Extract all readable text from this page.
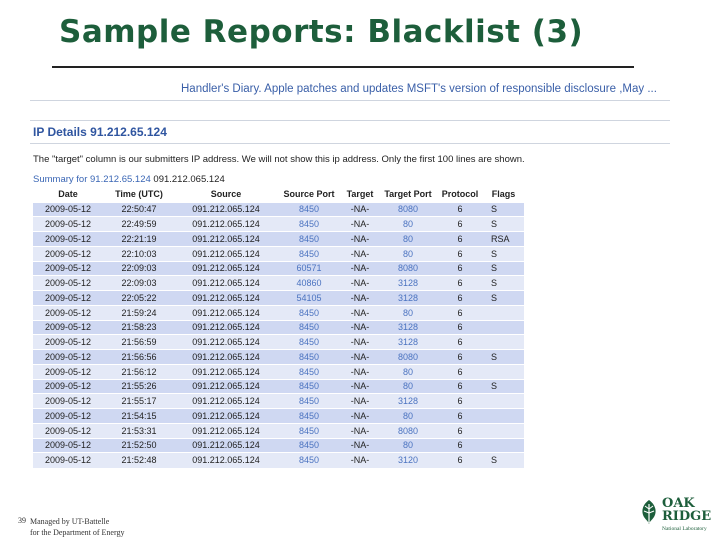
Sample Reports: Blacklist (3)
Handler's Diary. Apple patches and updates MSFT's version of responsible disclosure ,May ...
IP Details 91.212.65.124
The "target" column is our submitters IP address. We will not show this ip address. Only the first 100 lines are shown.
Summary for 91.212.65.124 091.212.065.124
Date	Time (UTC)	Source	Source Port	Target	Target Port	Protocol	Flags
2009-05-12	22:50:47	091.212.065.124	8450	-NA-	8080	6	S
2009-05-12	22:49:59	091.212.065.124	8450	-NA-	80	6	S
2009-05-12	22:21:19	091.212.065.124	8450	-NA-	80	6	RSA
2009-05-12	22:10:03	091.212.065.124	8450	-NA-	80	6	S
2009-05-12	22:09:03	091.212.065.124	60571	-NA-	8080	6	S
2009-05-12	22:09:03	091.212.065.124	40860	-NA-	3128	6	S
2009-05-12	22:05:22	091.212.065.124	54105	-NA-	3128	6	S
2009-05-12	21:59:24	091.212.065.124	8450	-NA-	80	6	
2009-05-12	21:58:23	091.212.065.124	8450	-NA-	3128	6	
2009-05-12	21:56:59	091.212.065.124	8450	-NA-	3128	6	
2009-05-12	21:56:56	091.212.065.124	8450	-NA-	8080	6	S
2009-05-12	21:56:12	091.212.065.124	8450	-NA-	80	6	
2009-05-12	21:55:26	091.212.065.124	8450	-NA-	80	6	S
2009-05-12	21:55:17	091.212.065.124	8450	-NA-	3128	6	
2009-05-12	21:54:15	091.212.065.124	8450	-NA-	80	6	
2009-05-12	21:53:31	091.212.065.124	8450	-NA-	8080	6	
2009-05-12	21:52:50	091.212.065.124	8450	-NA-	80	6	
2009-05-12	21:52:48	091.212.065.124	8450	-NA-	3120	6	S
39 Managed by UT-Battelle
for the Department of Energy
OAK
RIDGE
National Laboratory
